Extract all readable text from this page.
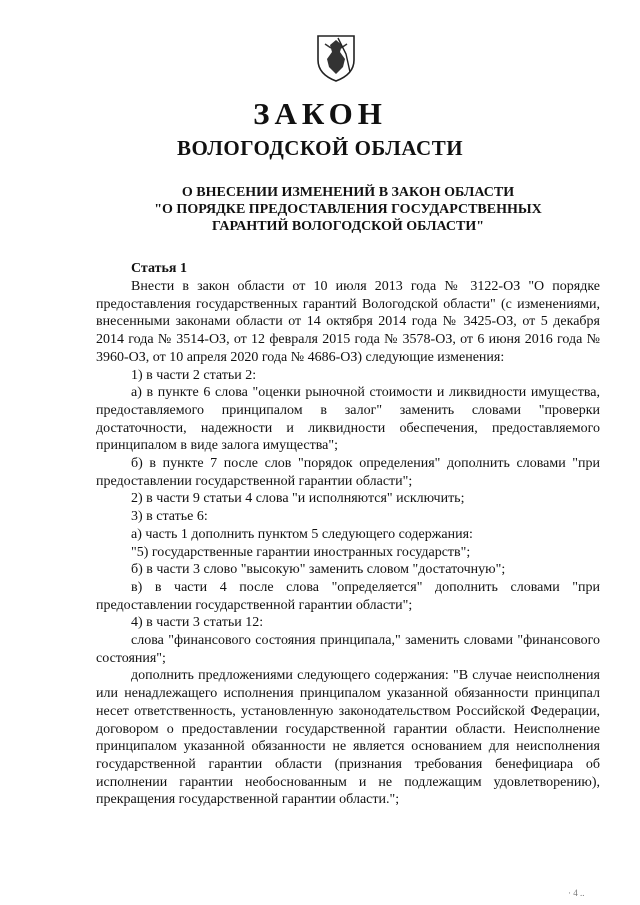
ЗАКОН
ВОЛОГОДСКОЙ ОБЛАСТИ
О ВНЕСЕНИИ ИЗМЕНЕНИЙ В ЗАКОН ОБЛАСТИ
"О ПОРЯДКЕ ПРЕДОСТАВЛЕНИЯ ГОСУДАРСТВЕННЫХ
ГАРАНТИЙ ВОЛОГОДСКОЙ ОБЛАСТИ"
Статья 1

Внести в закон области от 10 июля 2013 года № 3122-ОЗ "О порядке предоставления государственных гарантий Вологодской области" (с изменениями, внесенными законами области от 14 октября 2014 года № 3425-ОЗ, от 5 декабря 2014 года № 3514-ОЗ, от 12 февраля 2015 года № 3578-ОЗ, от 6 июня 2016 года № 3960-ОЗ, от 10 апреля 2020 года № 4686-ОЗ) следующие изменения:

1) в части 2 статьи 2:

а) в пункте 6 слова "оценки рыночной стоимости и ликвидности имущества, предоставляемого принципалом в залог" заменить словами "проверки достаточности, надежности и ликвидности обеспечения, предоставляемого принципалом в виде залога имущества";

б) в пункте 7 после слов "порядок определения" дополнить словами "при предоставлении государственной гарантии области";

2) в части 9 статьи 4 слова "и исполняются" исключить;

3) в статье 6:

а) часть 1 дополнить пунктом 5 следующего содержания:

"5) государственные гарантии иностранных государств";

б) в части 3 слово "высокую" заменить словом "достаточную";

в) в части 4 после слова "определяется" дополнить словами "при предоставлении государственной гарантии области";

4) в части 3 статьи 12:

слова "финансового состояния принципала," заменить словами "финансового состояния";

дополнить предложениями следующего содержания: "В случае неисполнения или ненадлежащего исполнения принципалом указанной обязанности принципал несет ответственность, установленную законодательством Российской Федерации, договором о предоставлении государственной гарантии области. Неисполнение принципалом указанной обязанности не является основанием для неисполнения государственной гарантии области (признания требования бенефициара об исполнении гарантии необоснованным и не подлежащим удовлетворению), прекращения государственной гарантии области.";

· 4 ..
